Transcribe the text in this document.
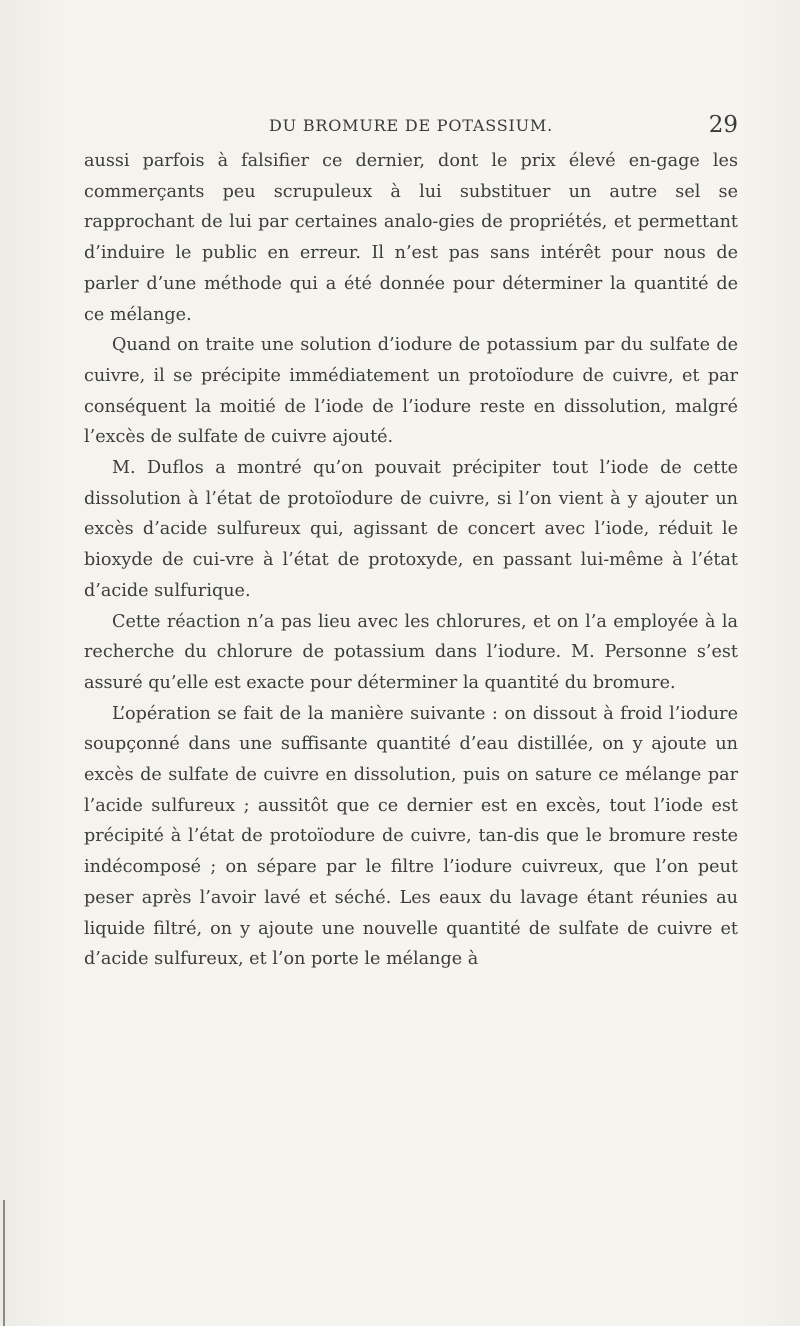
DU BROMURE DE POTASSIUM.	29

aussi parfois à falsifier ce dernier, dont le prix élevé en-gage les commerçants peu scrupuleux à lui substituer un autre sel se rapprochant de lui par certaines analo-gies de propriétés, et permettant d’induire le public en erreur. Il n’est pas sans intérêt pour nous de parler d’une méthode qui a été donnée pour déterminer la quantité de ce mélange.

Quand on traite une solution d’iodure de potassium par du sulfate de cuivre, il se précipite immédiatement un protoïodure de cuivre, et par conséquent la moitié de l’iode de l’iodure reste en dissolution, malgré l’excès de sulfate de cuivre ajouté.

M. Duflos a montré qu’on pouvait précipiter tout l’iode de cette dissolution à l’état de protoïodure de cuivre, si l’on vient à y ajouter un excès d’acide sulfureux qui, agissant de concert avec l’iode, réduit le bioxyde de cui-vre à l’état de protoxyde, en passant lui-même à l’état d’acide sulfurique.

Cette réaction n’a pas lieu avec les chlorures, et on l’a employée à la recherche du chlorure de potassium dans l’iodure. M. Personne s’est assuré qu’elle est exacte pour déterminer la quantité du bromure.

L’opération se fait de la manière suivante : on dissout à froid l’iodure soupçonné dans une suffisante quantité d’eau distillée, on y ajoute un excès de sulfate de cuivre en dissolution, puis on sature ce mélange par l’acide sulfureux ; aussitôt que ce dernier est en excès, tout l’iode est précipité à l’état de protoïodure de cuivre, tan-dis que le bromure reste indécomposé ; on sépare par le filtre l’iodure cuivreux, que l’on peut peser après l’avoir lavé et séché. Les eaux du lavage étant réunies au liquide filtré, on y ajoute une nouvelle quantité de sulfate de cuivre et d’acide sulfureux, et l’on porte le mélange à
